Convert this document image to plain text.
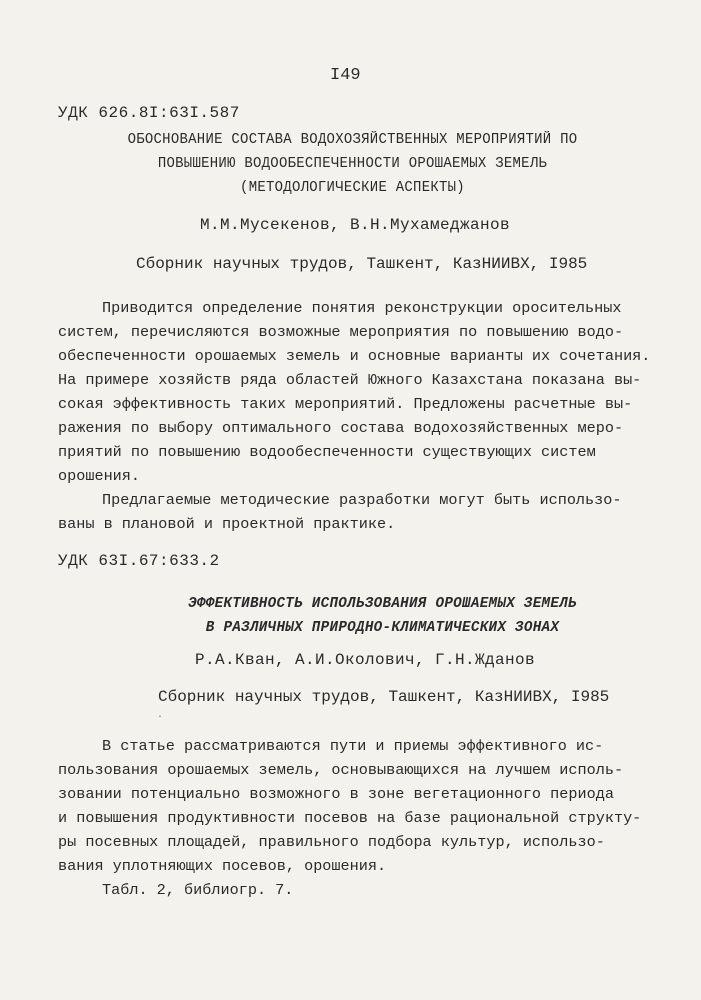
I49
УДК 626.8I:63I.587
ОБОСНОВАНИЕ СОСТАВА ВОДОХОЗЯЙСТВЕННЫХ МЕРОПРИЯТИЙ ПО
ПОВЫШЕНИЮ ВОДООБЕСПЕЧЕННОСТИ ОРОШАЕМЫХ ЗЕМЕЛЬ
(МЕТОДОЛОГИЧЕСКИЕ АСПЕКТЫ)
М.М.Мусекенов, В.Н.Мухамеджанов
Сборник научных трудов, Ташкент, КазНИИВХ, I985
Приводится определение понятия реконструкции оросительных
систем, перечисляются возможные мероприятия по повышению водо-
обеспеченности орошаемых земель и основные варианты их сочетания.
На примере хозяйств ряда областей Южного Казахстана показана вы-
сокая эффективность таких мероприятий. Предложены расчетные вы-
ражения по выбору оптимального состава водохозяйственных меро-
приятий по повышению водообеспеченности существующих систем
орошения.
Предлагаемые методические разработки могут быть использо-
ваны в плановой и проектной практике.
УДК 63I.67:633.2
ЭФФЕКТИВНОСТЬ ИСПОЛЬЗОВАНИЯ ОРОШАЕМЫХ ЗЕМЕЛЬ
В РАЗЛИЧНЫХ ПРИРОДНО-КЛИМАТИЧЕСКИХ ЗОНАХ
Р.А.Кван, А.И.Околович, Г.Н.Жданов
Сборник научных трудов, Ташкент, КазНИИВХ, I985
·
В статье рассматриваются пути и приемы эффективного ис-
пользования орошаемых земель, основывающихся на лучшем исполь-
зовании потенциально возможного в зоне вегетационного периода
и повышения продуктивности посевов на базе рациональной структу-
ры посевных площадей, правильного подбора культур, использо-
вания уплотняющих посевов, орошения.
Табл. 2, библиогр. 7.
